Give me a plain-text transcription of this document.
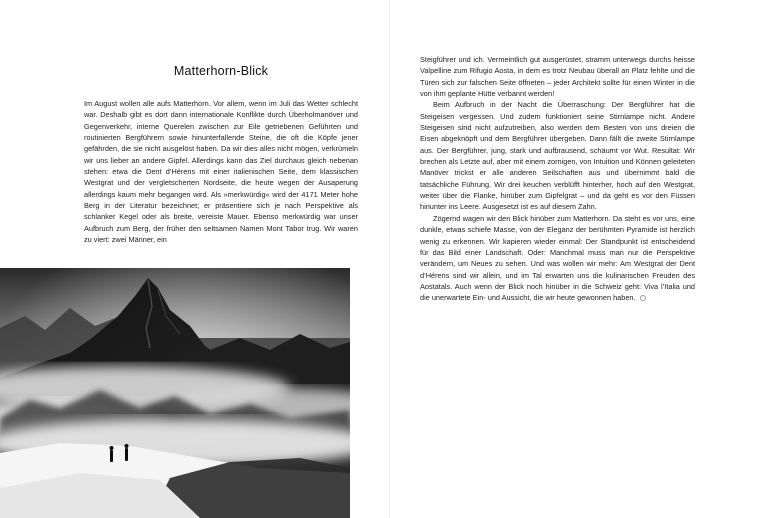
Matterhorn-Blick

Im August wollen alle aufs Matterhorn. Vor allem, wenn im Juli das Wetter schlecht war. Deshalb gibt es dort dann internationale Konflikte durch Überholmanöver und Gegenverkehr, interne Querelen zwischen zur Eile getriebenen Geführten und routinierten Bergführern sowie hinunterfallende Steine, die oft die Köpfe jener gefährden, die sie nicht ausgelöst haben. Da wir dies alles nicht mögen, verkrümeln wir uns lieber an andere Gipfel. Allerdings kann das Ziel durchaus gleich nebenan stehen: etwa die Dent d’Hérens mit einer italienischen Seite, dem klassischen Westgrat und der vergletscherten Nordseite, die heute wegen der Ausaperung allerdings kaum mehr begangen wird. Als »merkwürdig« wird der 4171 Meter hohe Berg in der Literatur bezeichnet; er präsentiere sich je nach Perspektive als schlanker Kegel oder als breite, vereiste Mauer. Ebenso merkwürdig war unser Aufbruch zum Berg, der früher den seltsamen Namen Mont Tabor trug. Wir waren zu viert: zwei Männer, ein

Steigführer und ich. Vermeintlich gut ausgerüstet, stramm unterwegs durchs heisse Valpelline zum Rifugio Aosta, in dem es trotz Neubau überall an Platz fehlte und die Türen sich zur falschen Seite öffneten – jeder Architekt sollte für einen Winter in die von ihm geplante Hütte verbannt werden!

Beim Aufbruch in der Nacht die Überraschung: Der Bergführer hat die Steigeisen vergessen. Und zudem funktioniert seine Stirnlampe nicht. Andere Steigeisen sind nicht aufzutreiben, also werden dem Besten von uns dreien die Eisen abgeknöpft und dem Bergführer übergeben. Dann fällt die zweite Stirnlampe aus. Der Bergführer, jung, stark und aufbrausend, schäumt vor Wut. Resultat: Wir brechen als Letzte auf, aber mit einem zornigen, von Intuition und Können geleiteten Manöver trickst er alle anderen Seilschaften aus und übernimmt bald die tatsächliche Führung. Wir drei keuchen verblüfft hinterher, hoch auf den Westgrat, weiter über die Flanke, hinüber zum Gipfelgrat – und da geht es vor den Füssen hinunter ins Leere. Ausgesetzt ist es auf diesem Zahn.

Zögernd wagen wir den Blick hinüber zum Matterhorn. Da steht es vor uns, eine dunkle, etwas schiefe Masse, von der Eleganz der berühmten Pyramide ist herzlich wenig zu erkennen. Wir kapieren wieder einmal: Der Standpunkt ist entscheidend für das Bild einer Landschaft. Oder: Manchmal muss man nur die Perspektive verändern, um Neues zu sehen. Und was wollen wir mehr: Am Westgrat der Dent d’Hérens sind wir allein, und im Tal erwarten uns die kulinarischen Freuden des Aostatals. Auch wenn der Blick noch hinüber in die Schweiz geht: Viva l’Italia und die unerwartete Ein- und Aussicht, die wir heute gewonnen haben.
